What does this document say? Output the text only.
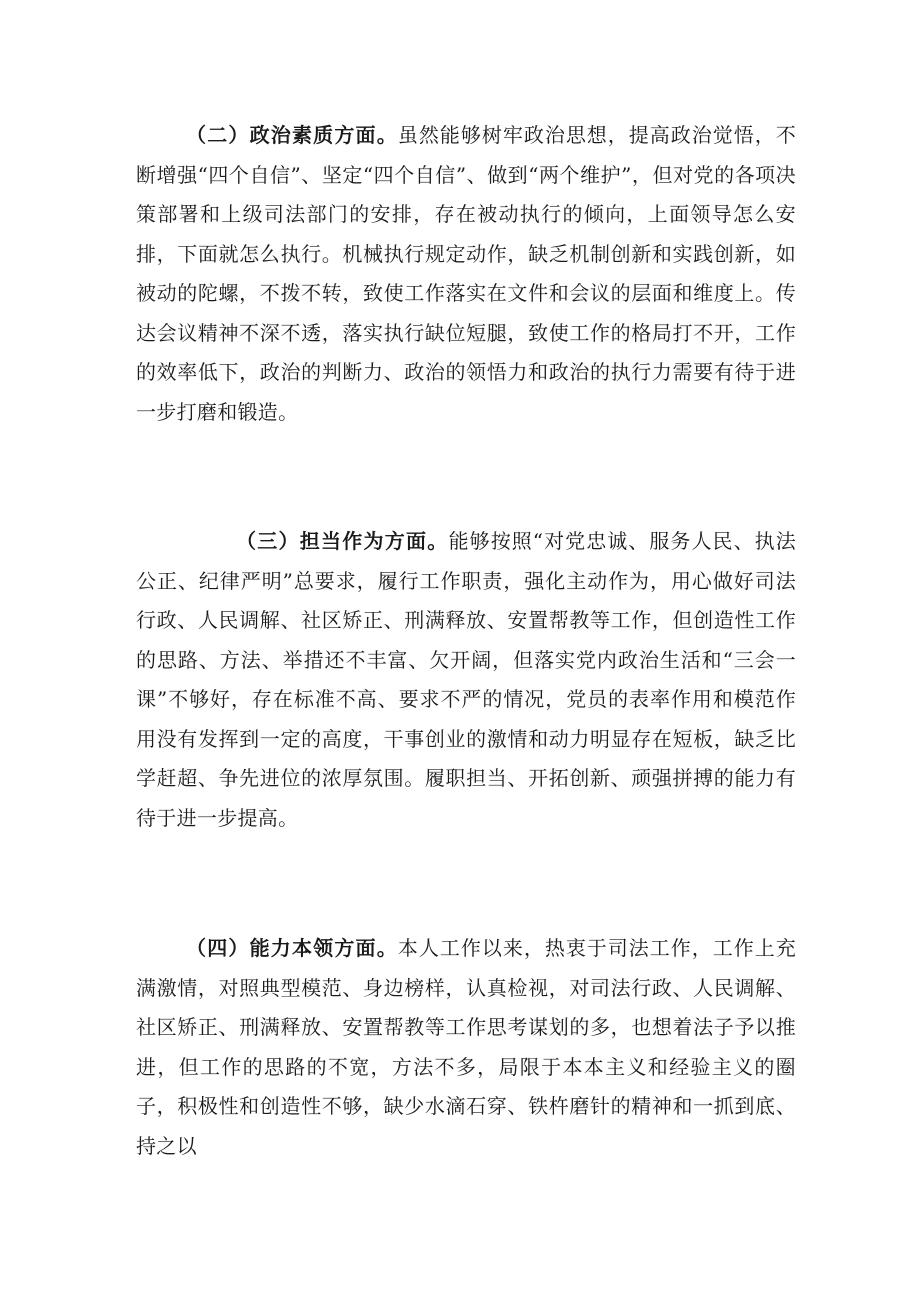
（二）政治素质方面。虽然能够树牢政治思想，提高政治觉悟，不断增强“四个自信”、坚定“四个自信”、做到“两个维护”，但对党的各项决策部署和上级司法部门的安排，存在被动执行的倾向，上面领导怎么安排，下面就怎么执行。机械执行规定动作，缺乏机制创新和实践创新，如被动的陀螺，不拨不转，致使工作落实在文件和会议的层面和维度上。传达会议精神不深不透，落实执行缺位短腿，致使工作的格局打不开，工作的效率低下，政治的判断力、政治的领悟力和政治的执行力需要有待于进一步打磨和锻造。

（三）担当作为方面。能够按照“对党忠诚、服务人民、执法公正、纪律严明”总要求，履行工作职责，强化主动作为，用心做好司法行政、人民调解、社区矫正、刑满释放、安置帮教等工作，但创造性工作的思路、方法、举措还不丰富、欠开阔，但落实党内政治生活和“三会一课”不够好，存在标准不高、要求不严的情况，党员的表率作用和模范作用没有发挥到一定的高度，干事创业的激情和动力明显存在短板，缺乏比学赶超、争先进位的浓厚氛围。履职担当、开拓创新、顽强拼搏的能力有待于进一步提高。

（四）能力本领方面。本人工作以来，热衷于司法工作，工作上充满激情，对照典型模范、身边榜样，认真检视，对司法行政、人民调解、社区矫正、刑满释放、安置帮教等工作思考谋划的多，也想着法子予以推进，但工作的思路的不宽，方法不多，局限于本本主义和经验主义的圈子，积极性和创造性不够，缺少水滴石穿、铁杵磨针的精神和一抓到底、持之以
